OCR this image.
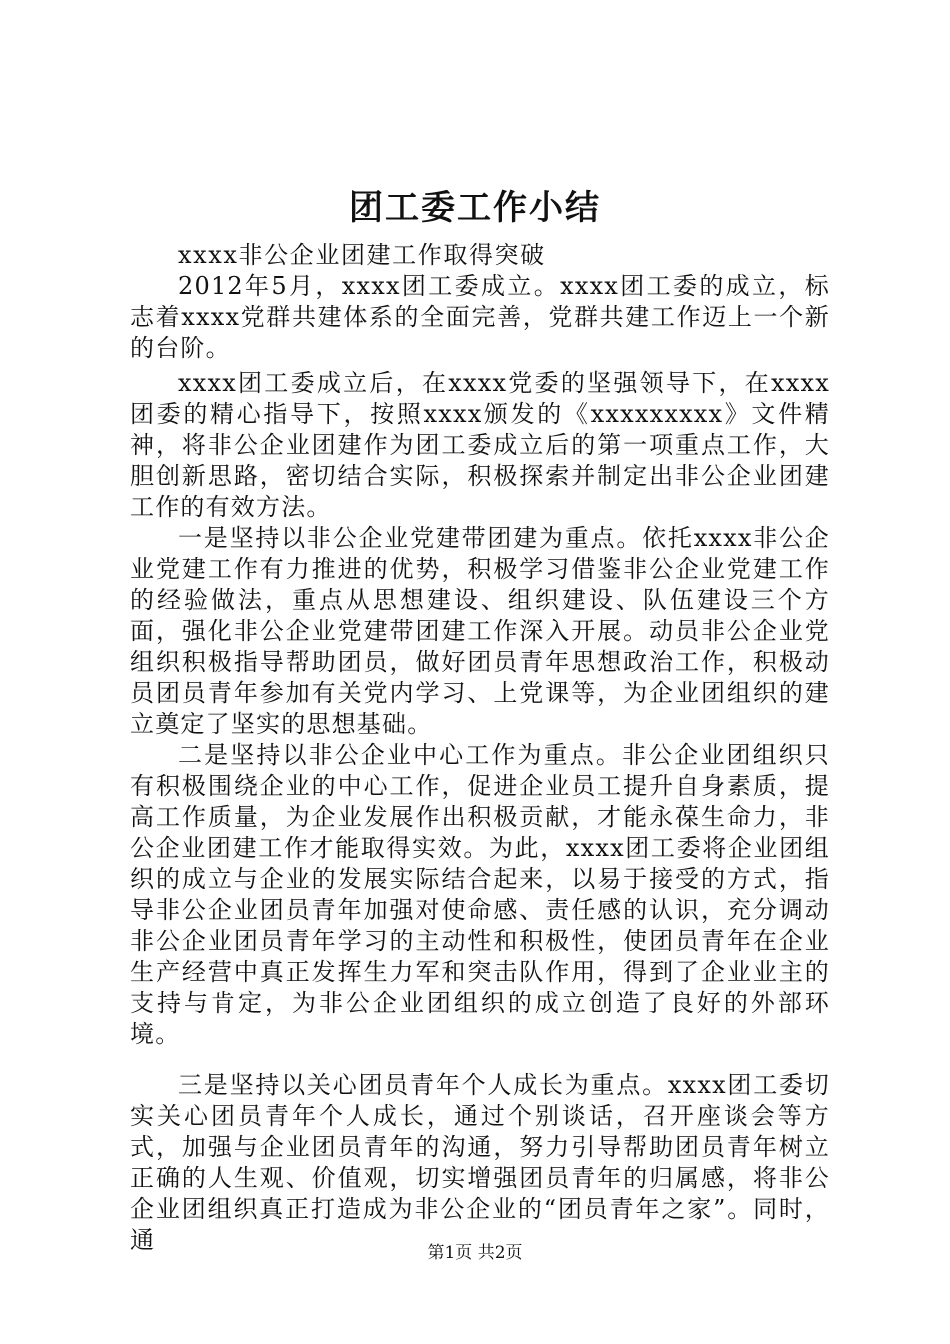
团工委工作小结

xxxx非公企业团建工作取得突破

2012年5月，xxxx团工委成立。xxxx团工委的成立，标志着xxxx党群共建体系的全面完善，党群共建工作迈上一个新的台阶。

xxxx团工委成立后，在xxxx党委的坚强领导下，在xxxx团委的精心指导下，按照xxxx颁发的《xxxxxxxxx》文件精神，将非公企业团建作为团工委成立后的第一项重点工作，大胆创新思路，密切结合实际，积极探索并制定出非公企业团建工作的有效方法。

一是坚持以非公企业党建带团建为重点。依托xxxx非公企业党建工作有力推进的优势，积极学习借鉴非公企业党建工作的经验做法，重点从思想建设、组织建设、队伍建设三个方面，强化非公企业党建带团建工作深入开展。动员非公企业党组织积极指导帮助团员，做好团员青年思想政治工作，积极动员团员青年参加有关党内学习、上党课等，为企业团组织的建立奠定了坚实的思想基础。

二是坚持以非公企业中心工作为重点。非公企业团组织只有积极围绕企业的中心工作，促进企业员工提升自身素质，提高工作质量，为企业发展作出积极贡献，才能永葆生命力，非公企业团建工作才能取得实效。为此，xxxx团工委将企业团组织的成立与企业的发展实际结合起来，以易于接受的方式，指导非公企业团员青年加强对使命感、责任感的认识，充分调动非公企业团员青年学习的主动性和积极性，使团员青年在企业生产经营中真正发挥生力军和突击队作用，得到了企业业主的支持与肯定，为非公企业团组织的成立创造了良好的外部环境。

三是坚持以关心团员青年个人成长为重点。xxxx团工委切实关心团员青年个人成长，通过个别谈话，召开座谈会等方式，加强与企业团员青年的沟通，努力引导帮助团员青年树立正确的人生观、价值观，切实增强团员青年的归属感，将非公企业团组织真正打造成为非公企业的“团员青年之家”。同时，通	第1页 共2页
